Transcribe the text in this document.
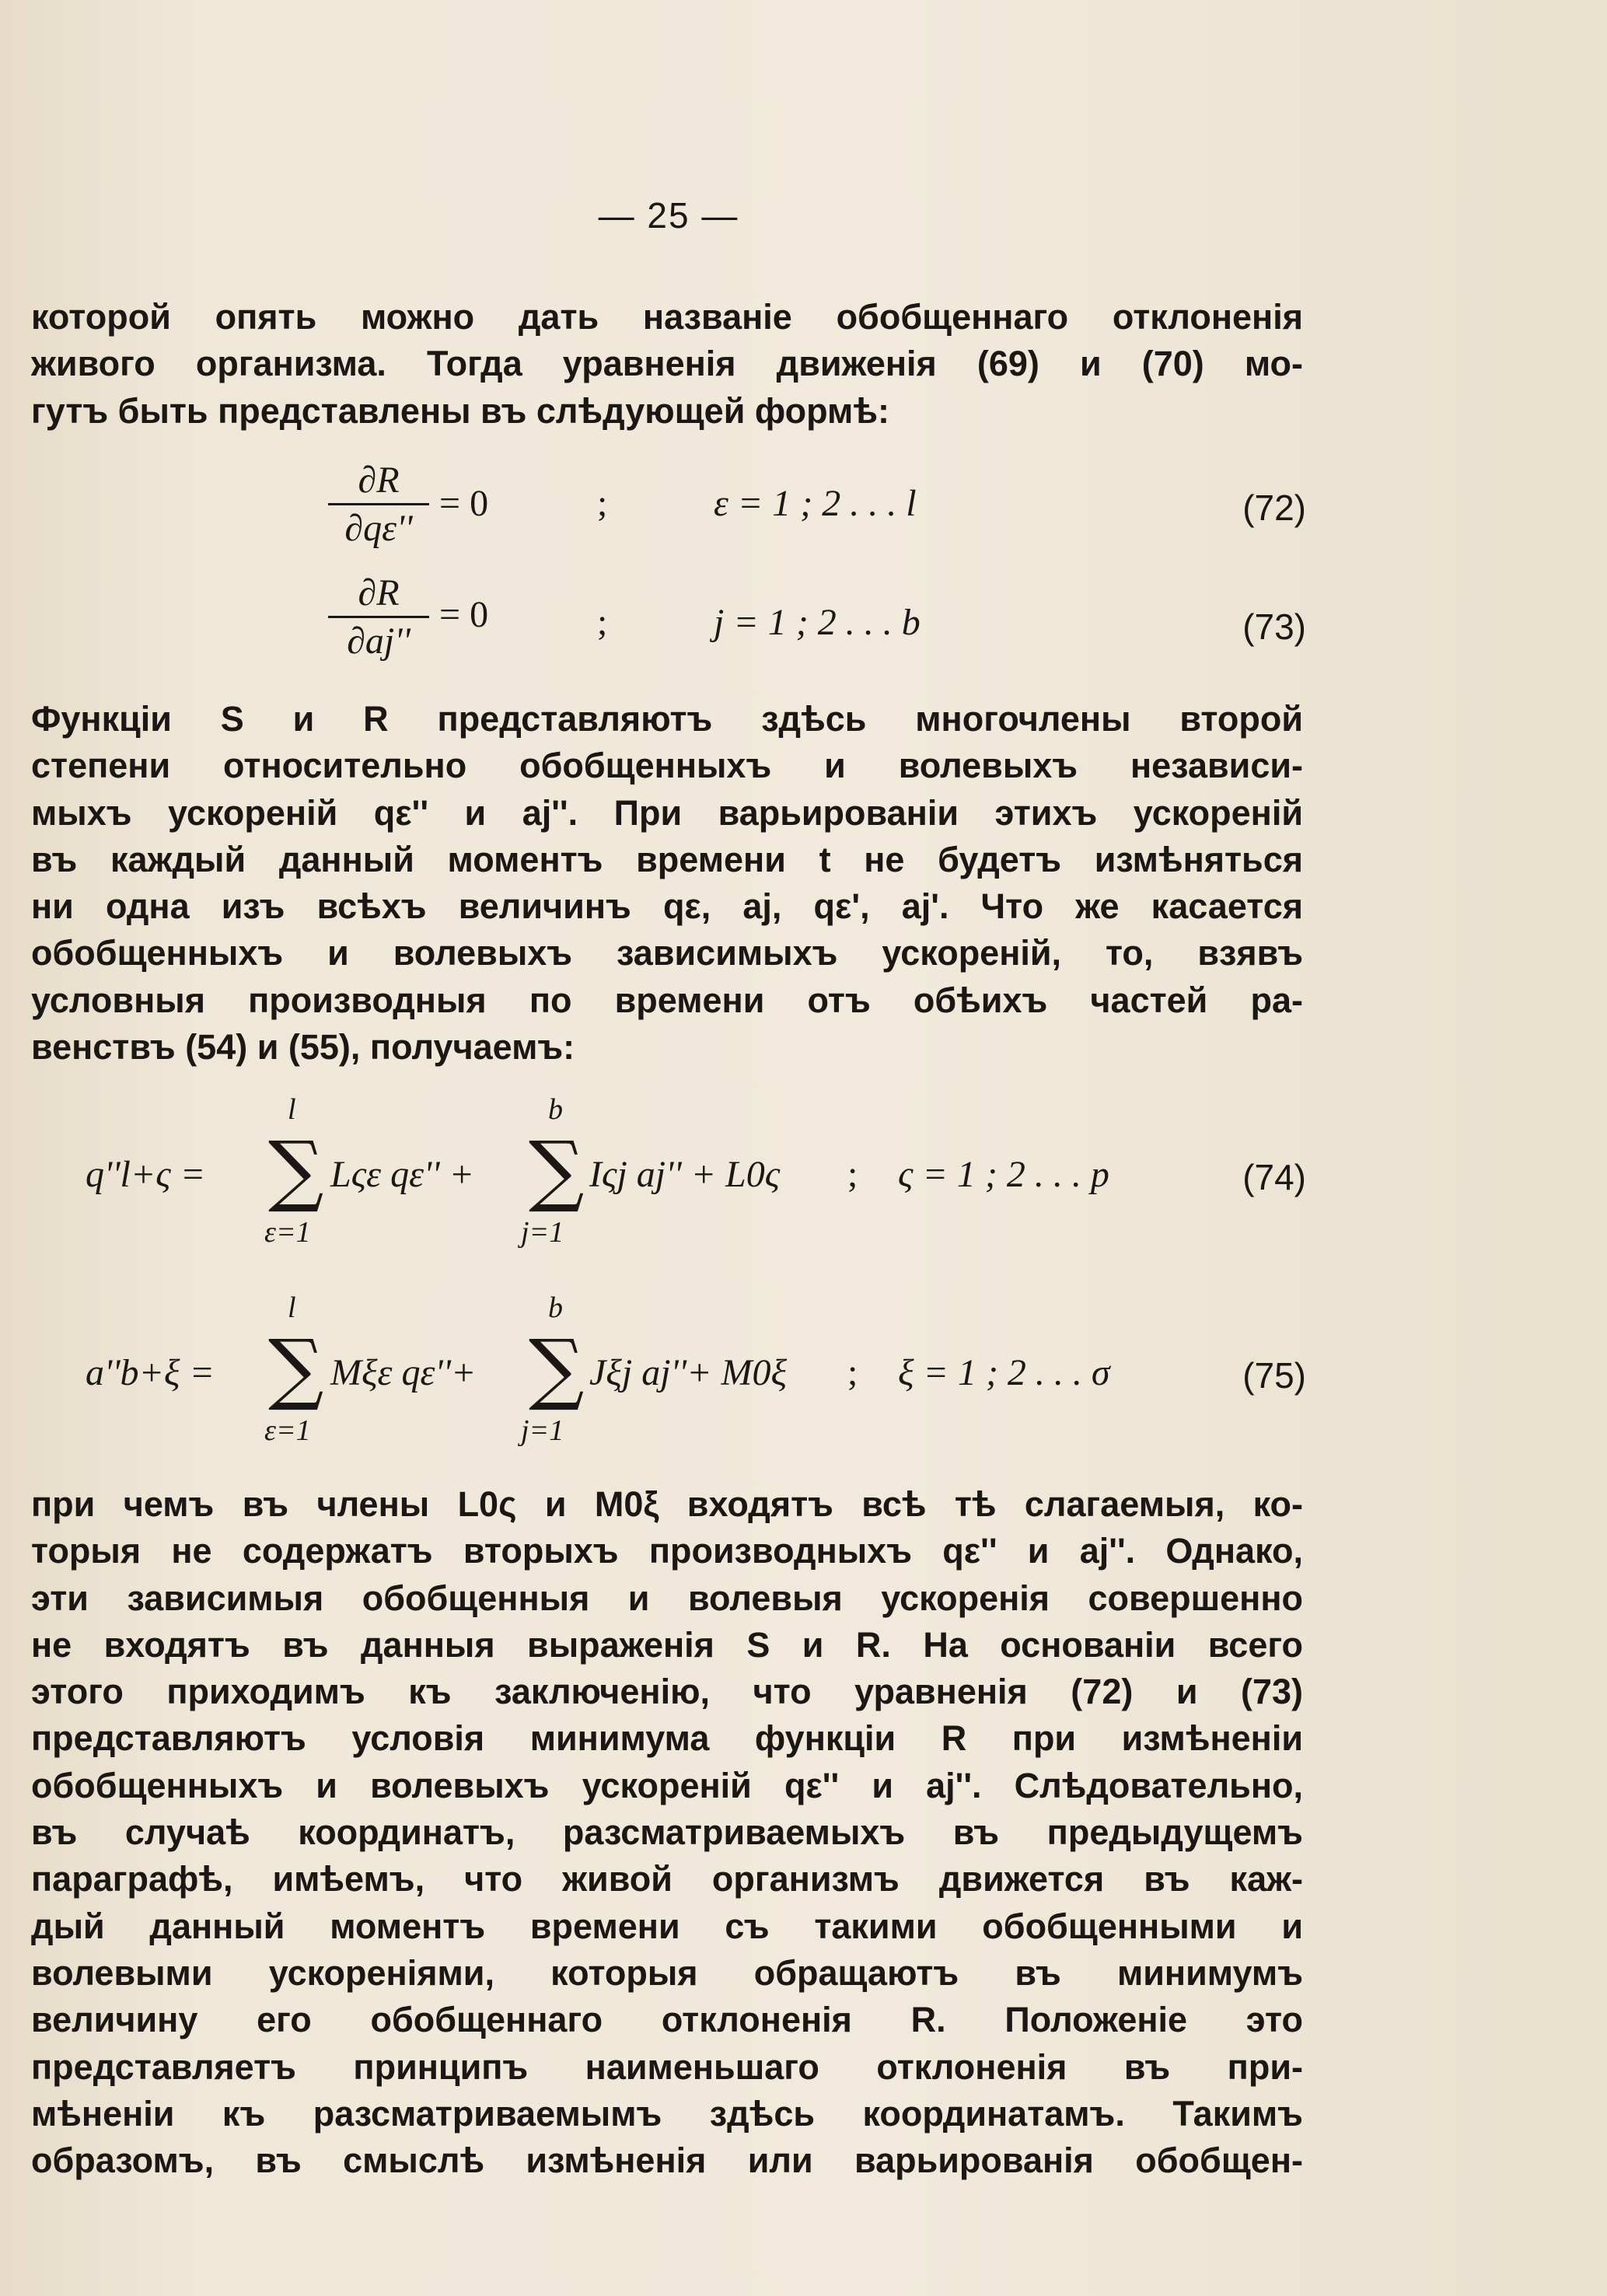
— 25 —
которой опять можно дать названіе обобщеннаго отклоненія
живого организма. Тогда уравненія движенія (69) и (70) мо-
гутъ быть представлены въ слѣдующей формѣ:
∂R
∂qε''
= 0	;	ε = 1 ; 2 . . . l	(72)
∂R
∂aj''
= 0	;	j = 1 ; 2 . . . b	(73)
Функціи S и R представляютъ здѣсь многочлены второй
степени относительно обобщенныхъ и волевыхъ независи-
мыхъ ускореній qε'' и aj''. При варьированіи этихъ ускореній
въ каждый данный моментъ времени t не будетъ измѣняться
ни одна изъ всѣхъ величинъ qε, aj, qε', aj'. Что же касается
обобщенныхъ и волевыхъ зависимыхъ ускореній, то, взявъ
условныя производныя по времени отъ обѣихъ частей ра-
венствъ (54) и (55), получаемъ:
q''l+ς =
l
∑
ε=1
Lςε qε'' +
b
∑
j=1
Iςj aj'' + L0ς ; ς = 1 ; 2 . . . p	(74)
a''b+ξ =
l
∑
ε=1
Mξε qε''+
b
∑
j=1
Jξj aj''+ M0ξ ; ξ = 1 ; 2 . . . σ	(75)
при чемъ въ члены L0ς и M0ξ входятъ всѣ тѣ слагаемыя, ко-
торыя не содержатъ вторыхъ производныхъ qε'' и aj''. Однако,
эти зависимыя обобщенныя и волевыя ускоренія совершенно
не входятъ въ данныя выраженія S и R. На основаніи всего
этого приходимъ къ заключенію, что уравненія (72) и (73)
представляютъ условія минимума функціи R при измѣненіи
обобщенныхъ и волевыхъ ускореній qε'' и aj''. Слѣдовательно,
въ случаѣ координатъ, разсматриваемыхъ въ предыдущемъ
параграфѣ, имѣемъ, что живой организмъ движется въ каж-
дый данный моментъ времени съ такими обобщенными и
волевыми ускореніями, которыя обращаютъ въ минимумъ
величину его обобщеннаго отклоненія R. Положеніе это
представляетъ принципъ наименьшаго отклоненія въ при-
мѣненіи къ разсматриваемымъ здѣсь координатамъ. Такимъ
образомъ, въ смыслѣ измѣненія или варьированія обобщен-
